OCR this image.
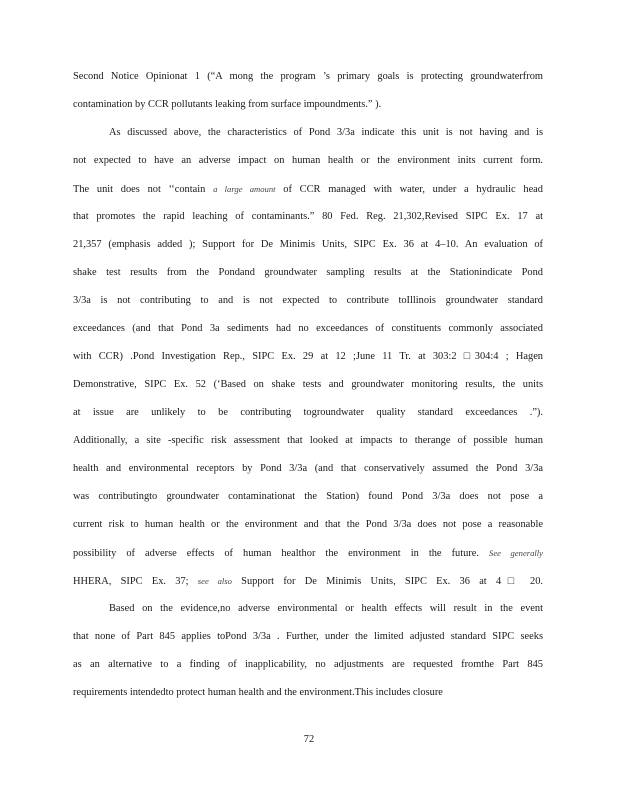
Second Notice Opinionat 1 (“A mong the program ’s primary goals is protecting groundwaterfrom
contamination by CCR pollutants leaking from surface impoundments.” ).
As discussed above, the characteristics of Pond 3/3a indicate this unit is not having and is
not expected to have an adverse impact on human health or the environment inits current form.
The unit does not ‘‘contain a large amount of CCR managed with water, under a hydraulic head
that promotes the rapid leaching of contaminants.” 80 Fed. Reg. 21,302,Revised SIPC Ex. 17 at
21,357 (emphasis added ); Support for De Minimis Units, SIPC Ex. 36 at 4–10. An evaluation of
shake test results from the Pondand groundwater sampling results at the Stationindicate Pond
3/3a is not contributing to and is not expected to contribute toIllinois groundwater standard
exceedances (and that Pond 3a sediments had no exceedances of constituents commonly associated
with CCR) .Pond Investigation Rep., SIPC Ex. 29 at 12 ;June 11 Tr. at 303:2 □304:4 ; Hagen
Demonstrative, SIPC Ex. 52 (‘Based on shake tests and groundwater monitoring results, the units
at issue are unlikely to be contributing togroundwater quality standard exceedances .”).
Additionally, a site -specific risk assessment that looked at impacts to therange of possible human
health and environmental receptors by Pond 3/3a (and that conservatively assumed the Pond 3/3a
was contributingto groundwater contaminationat the Station) found Pond 3/3a does not pose a
current risk to human health or the environment and that the Pond 3/3a does not pose a reasonable
possibility of adverse effects of human healthor the environment in the future. See generally
HHERA, SIPC Ex. 37; see also Support for De Minimis Units, SIPC Ex. 36 at 4□ 20.
Based on the evidence,no adverse environmental or health effects will result in the event
that none of Part 845 applies toPond 3/3a . Further, under the limited adjusted standard SIPC seeks
as an alternative to a finding of inapplicability, no adjustments are requested fromthe Part 845
requirements intendedto protect human health and the environment.This includes closure
72
